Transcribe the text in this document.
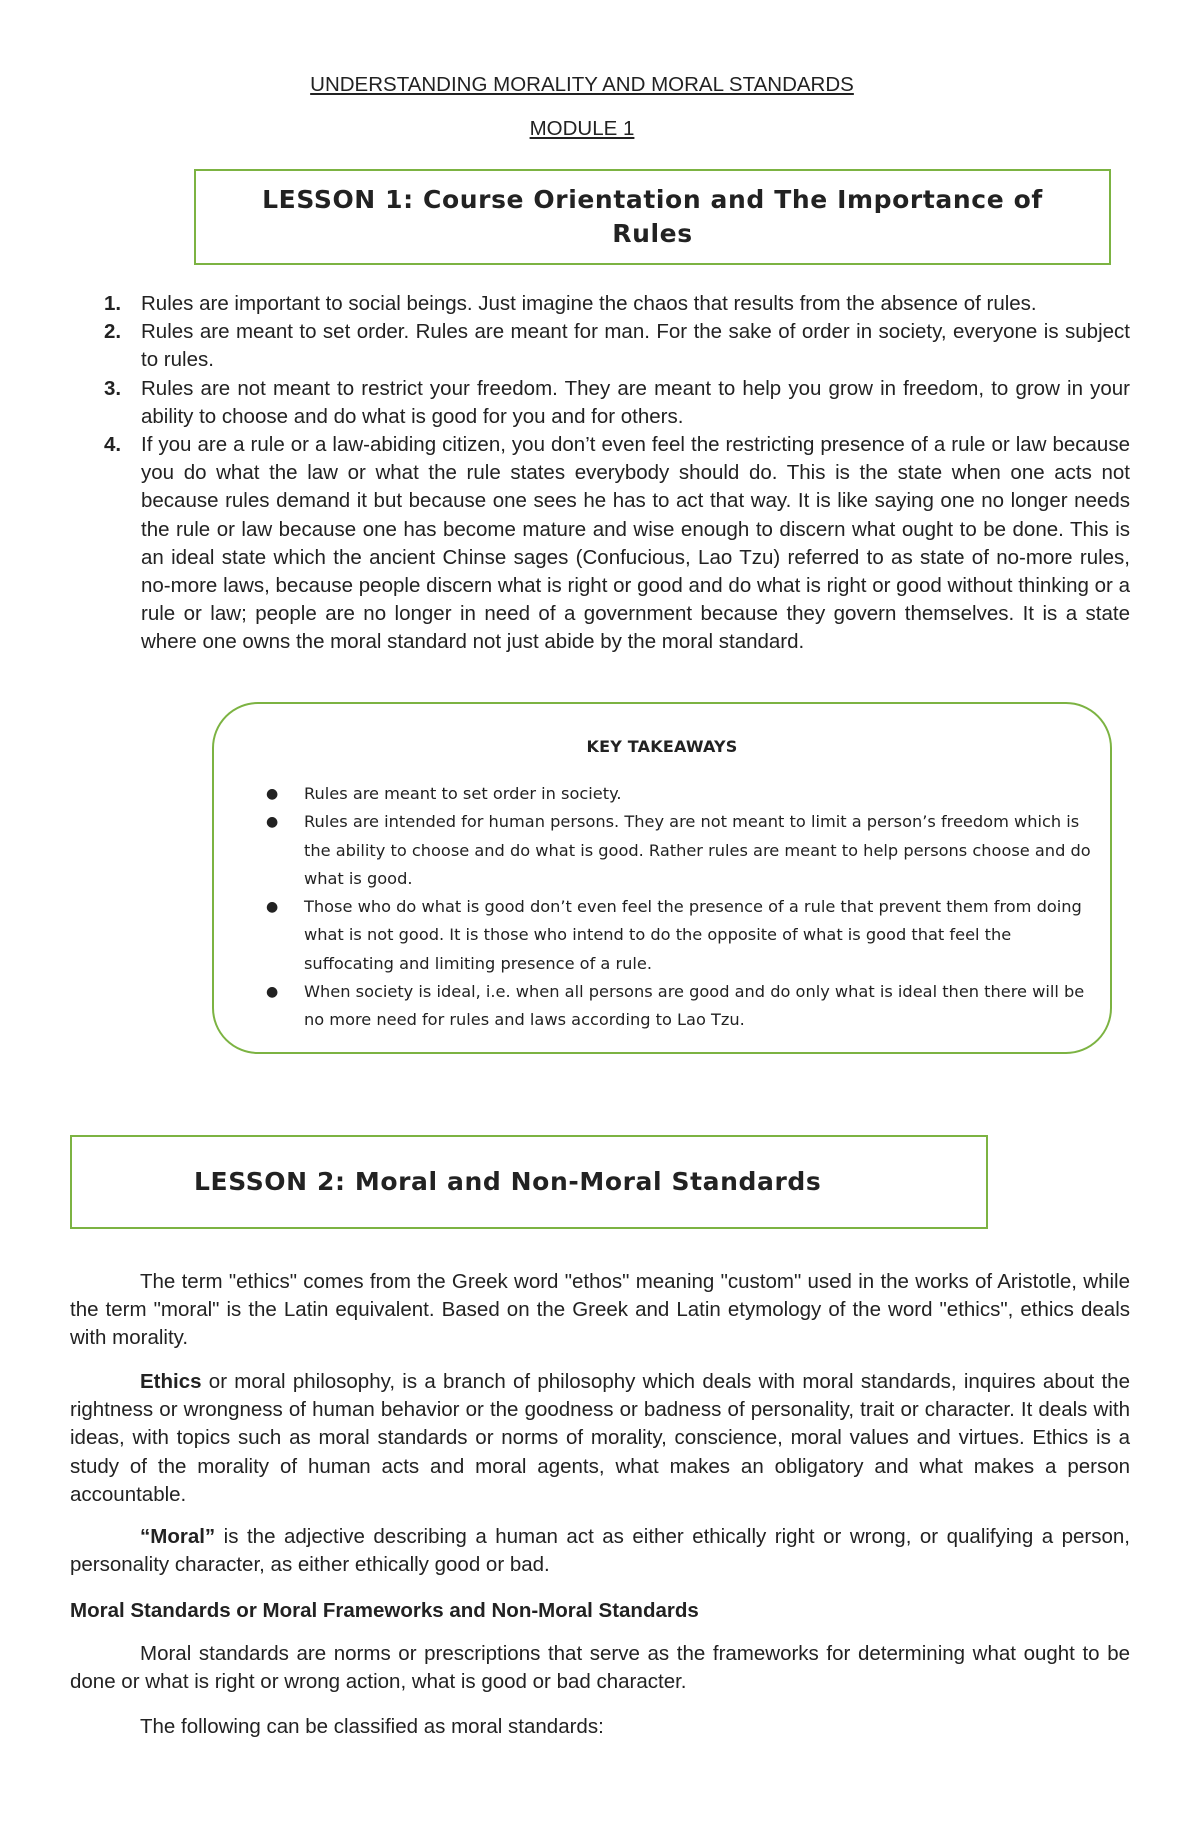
UNDERSTANDING MORALITY AND MORAL STANDARDS
MODULE 1
LESSON 1: Course Orientation and The Importance of Rules
1. Rules are important to social beings. Just imagine the chaos that results from the absence of rules.
2. Rules are meant to set order. Rules are meant for man. For the sake of order in society, everyone is subject to rules.
3. Rules are not meant to restrict your freedom. They are meant to help you grow in freedom, to grow in your ability to choose and do what is good for you and for others.
4. If you are a rule or a law-abiding citizen, you don’t even feel the restricting presence of a rule or law because you do what the law or what the rule states everybody should do. This is the state when one acts not because rules demand it but because one sees he has to act that way. It is like saying one no longer needs the rule or law because one has become mature and wise enough to discern what ought to be done. This is an ideal state which the ancient Chinse sages (Confucious, Lao Tzu) referred to as state of no-more rules, no-more laws, because people discern what is right or good and do what is right or good without thinking or a rule or law; people are no longer in need of a government because they govern themselves. It is a state where one owns the moral standard not just abide by the moral standard.
KEY TAKEAWAYS
● Rules are meant to set order in society.
● Rules are intended for human persons. They are not meant to limit a person’s freedom which is the ability to choose and do what is good. Rather rules are meant to help persons choose and do what is good.
● Those who do what is good don’t even feel the presence of a rule that prevent them from doing what is not good. It is those who intend to do the opposite of what is good that feel the suffocating and limiting presence of a rule.
● When society is ideal, i.e. when all persons are good and do only what is ideal then there will be no more need for rules and laws according to Lao Tzu.
LESSON 2: Moral and Non-Moral Standards

The term "ethics" comes from the Greek word "ethos" meaning "custom" used in the works of Aristotle, while the term "moral" is the Latin equivalent. Based on the Greek and Latin etymology of the word "ethics", ethics deals with morality.

Ethics or moral philosophy, is a branch of philosophy which deals with moral standards, inquires about the rightness or wrongness of human behavior or the goodness or badness of personality, trait or character. It deals with ideas, with topics such as moral standards or norms of morality, conscience, moral values and virtues. Ethics is a study of the morality of human acts and moral agents, what makes an obligatory and what makes a person accountable.

“Moral” is the adjective describing a human act as either ethically right or wrong, or qualifying a person, personality character, as either ethically good or bad.

Moral Standards or Moral Frameworks and Non-Moral Standards

Moral standards are norms or prescriptions that serve as the frameworks for determining what ought to be done or what is right or wrong action, what is good or bad character.

The following can be classified as moral standards:
